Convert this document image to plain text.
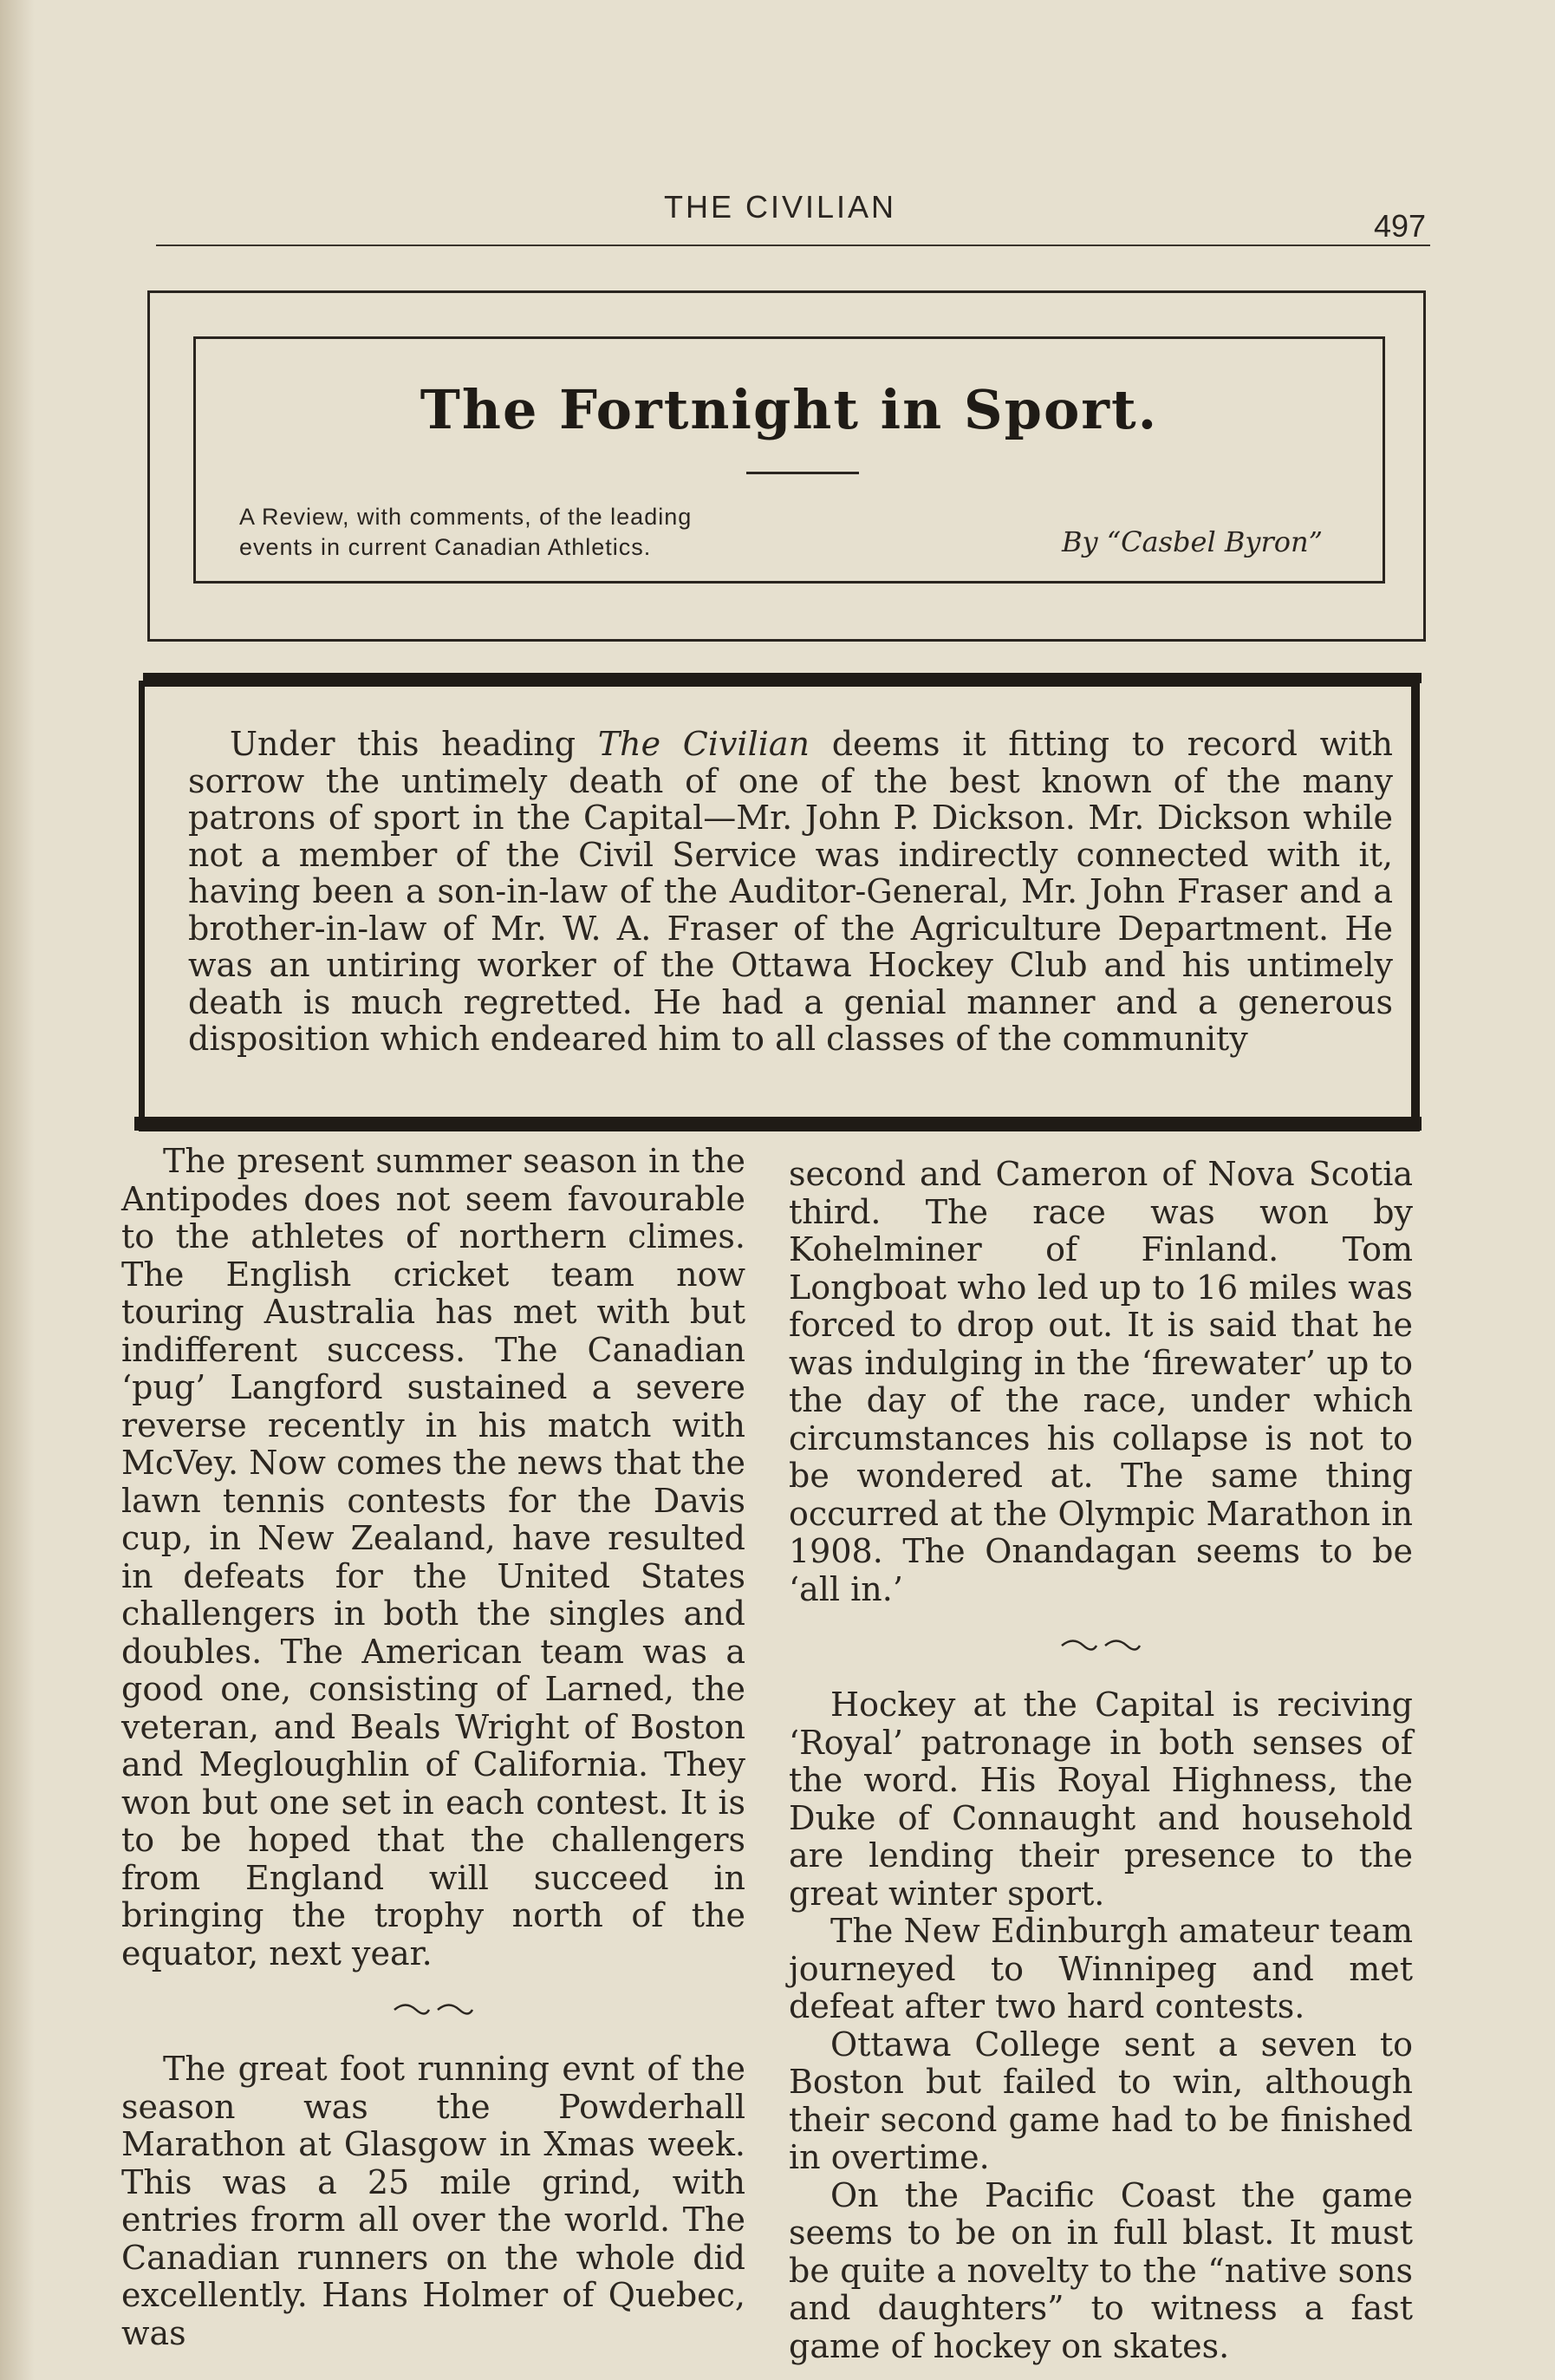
THE CIVILIAN
497
The Fortnight in Sport.
A Review, with comments, of the leading
events in current Canadian Athletics.	By “Casbel Byron”
Under this heading The Civilian deems it fitting to record with sorrow the untimely death of one of the best known of the many patrons of sport in the Capital—Mr. John P. Dickson. Mr. Dickson while not a member of the Civil Service was indirectly connected with it, having been a son-in-law of the Auditor-General, Mr. John Fraser and a brother-in-law of Mr. W. A. Fraser of the Agriculture Department. He was an untiring worker of the Ottawa Hockey Club and his untimely death is much regretted. He had a genial manner and a generous disposition which endeared him to all classes of the community

The present summer season in the Antipodes does not seem favourable to the athletes of northern climes. The English cricket team now touring Australia has met with but indifferent success. The Canadian ‘pug’ Langford sustained a severe reverse recently in his match with McVey. Now comes the news that the lawn tennis contests for the Davis cup, in New Zealand, have resulted in defeats for the United States challengers in both the singles and doubles. The American team was a good one, consisting of Larned, the veteran, and Beals Wright of Boston and Megloughlin of California. They won but one set in each contest. It is to be hoped that the challengers from England will succeed in bringing the trophy north of the equator, next year.

The great foot running evnt of the season was the Powderhall Marathon at Glasgow in Xmas week. This was a 25 mile grind, with entries frorm all over the world. The Canadian runners on the whole did excellently. Hans Holmer of Quebec, was

second and Cameron of Nova Scotia third. The race was won by Kohelminer of Finland. Tom Longboat who led up to 16 miles was forced to drop out. It is said that he was indulging in the ‘firewater’ up to the day of the race, under which circumstances his collapse is not to be wondered at. The same thing occurred at the Olympic Marathon in 1908. The Onandagan seems to be ‘all in.’

Hockey at the Capital is reciving ‘Royal’ patronage in both senses of the word. His Royal Highness, the Duke of Connaught and household are lending their presence to the great winter sport.

The New Edinburgh amateur team journeyed to Winnipeg and met defeat after two hard contests.

Ottawa College sent a seven to Boston but failed to win, although their second game had to be finished in overtime.

On the Pacific Coast the game seems to be on in full blast. It must be quite a novelty to the “native sons and daughters” to witness a fast game of hockey on skates.
